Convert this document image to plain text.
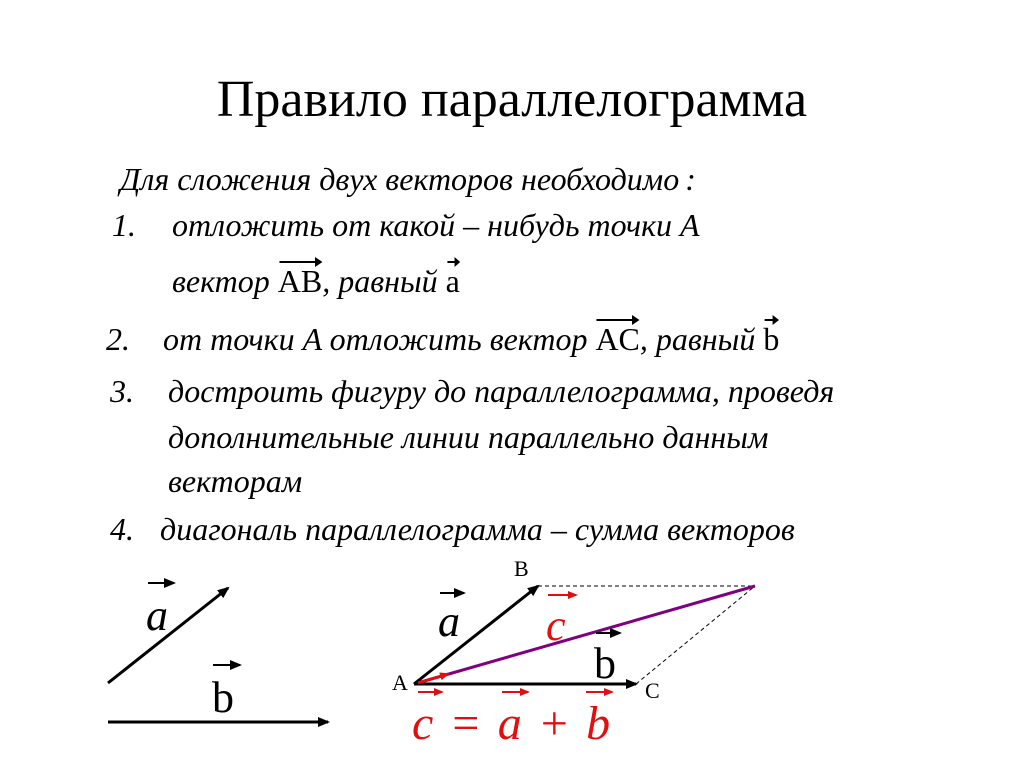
Правило параллелограмма
Для сложения двух векторов необходимо :
1. отложить от какой – нибудь точки A
вектор AB, равный a
2. от точки A отложить вектор AC, равный b
3. достроить фигуру до параллелограмма, проведя
дополнительные линии параллельно данным
векторам
4. диагональ параллелограмма – сумма векторов
a
b
B
A	C
a c
b
c = a + b
